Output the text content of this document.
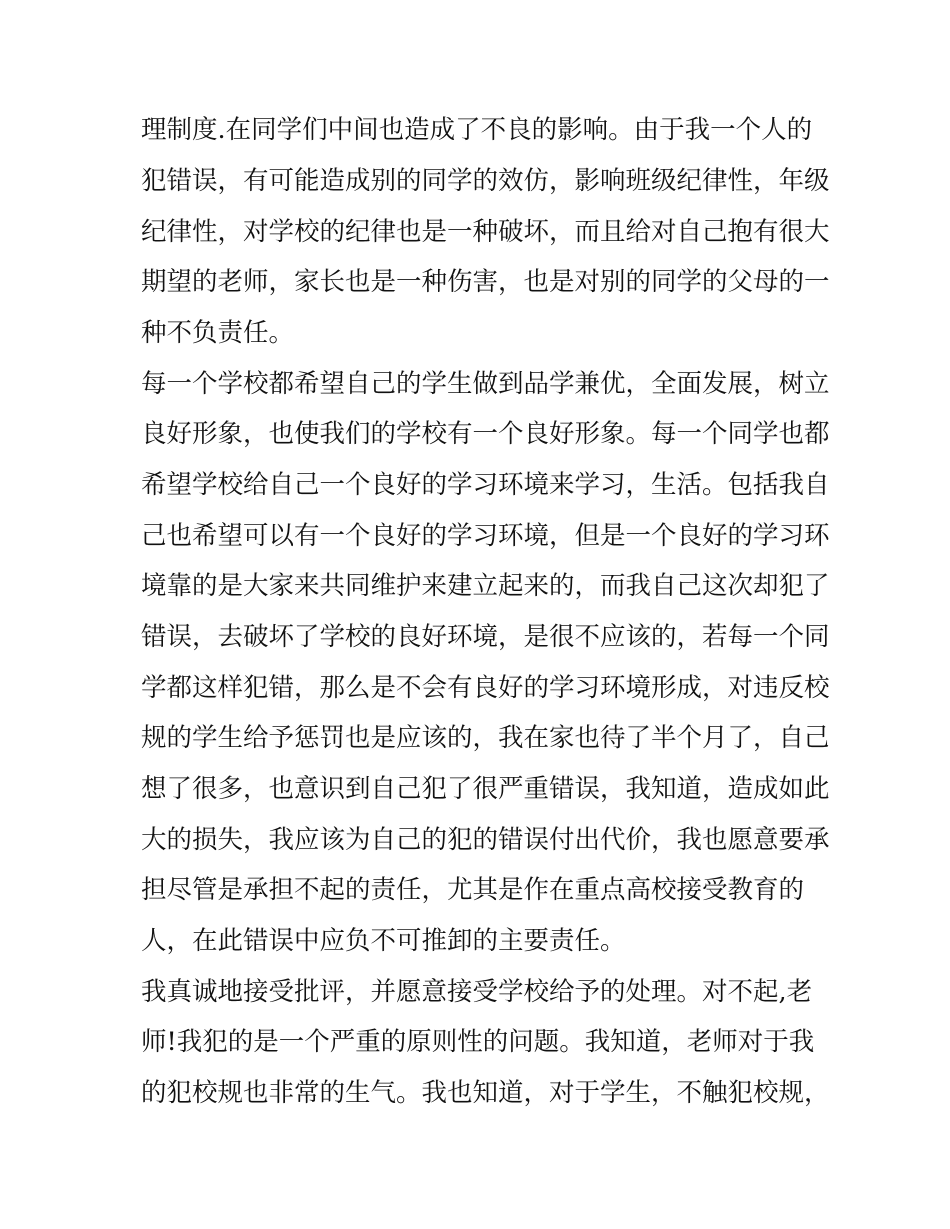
理制度.在同学们中间也造成了不良的影响。由于我一个人的
犯错误，有可能造成别的同学的效仿，影响班级纪律性，年级
纪律性，对学校的纪律也是一种破坏，而且给对自己抱有很大
期望的老师，家长也是一种伤害，也是对别的同学的父母的一
种不负责任。
每一个学校都希望自己的学生做到品学兼优，全面发展，树立
良好形象，也使我们的学校有一个良好形象。每一个同学也都
希望学校给自己一个良好的学习环境来学习，生活。包括我自
己也希望可以有一个良好的学习环境，但是一个良好的学习环
境靠的是大家来共同维护来建立起来的，而我自己这次却犯了
错误，去破坏了学校的良好环境，是很不应该的，若每一个同
学都这样犯错，那么是不会有良好的学习环境形成，对违反校
规的学生给予惩罚也是应该的，我在家也待了半个月了，自己
想了很多，也意识到自己犯了很严重错误，我知道，造成如此
大的损失，我应该为自己的犯的错误付出代价，我也愿意要承
担尽管是承担不起的责任，尤其是作在重点高校接受教育的
人，在此错误中应负不可推卸的主要责任。
我真诚地接受批评，并愿意接受学校给予的处理。对不起,老
师!我犯的是一个严重的原则性的问题。我知道，老师对于我
的犯校规也非常的生气。我也知道，对于学生，不触犯校规，
